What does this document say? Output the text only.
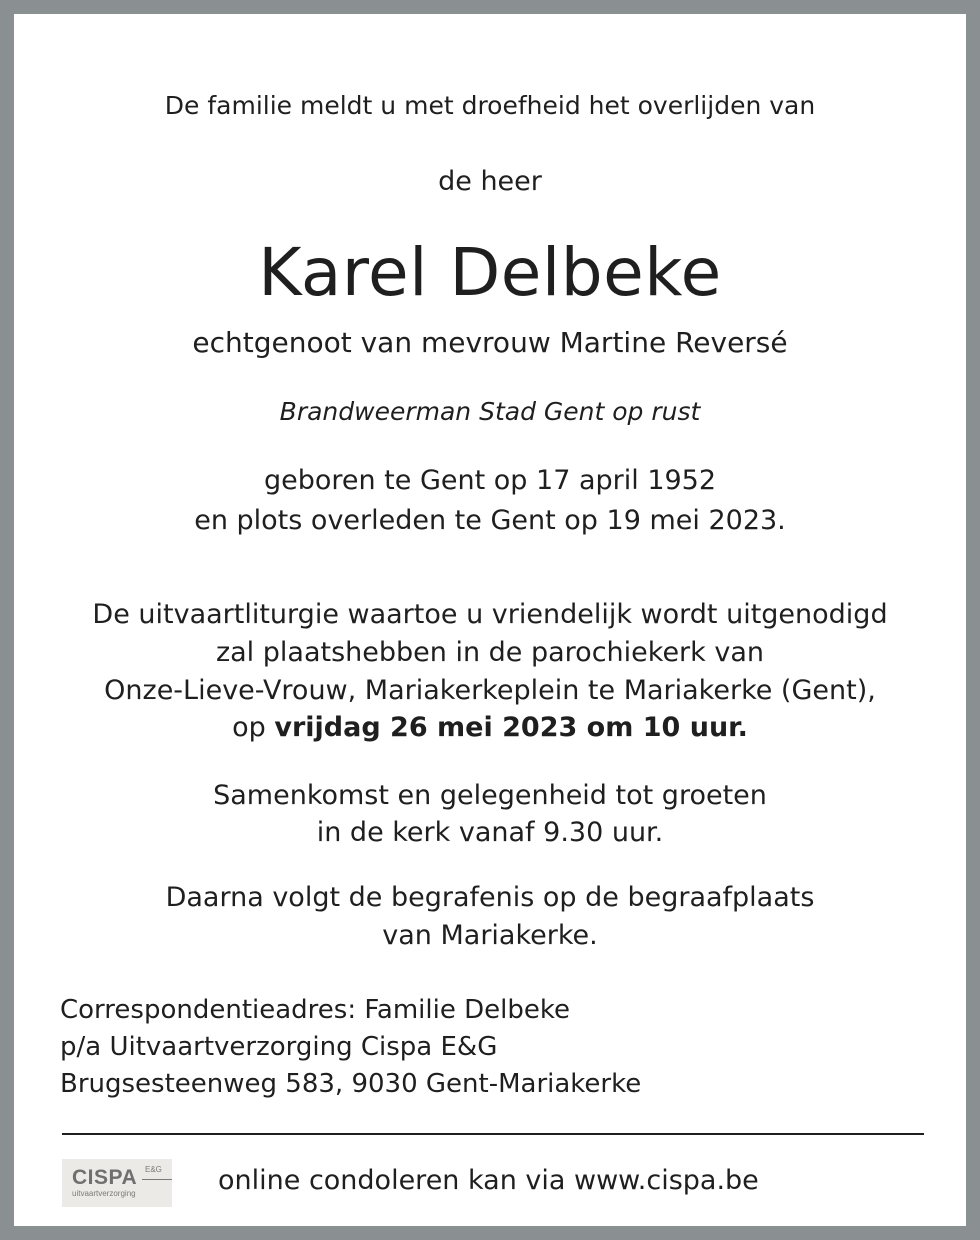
De familie meldt u met droefheid het overlijden van
de heer
Karel Delbeke
echtgenoot van mevrouw Martine Reversé
Brandweerman Stad Gent op rust
geboren te Gent op 17 april 1952
en plots overleden te Gent op 19 mei 2023.
De uitvaartliturgie waartoe u vriendelijk wordt uitgenodigd
zal plaatshebben in de parochiekerk van
Onze-Lieve-Vrouw, Mariakerkeplein te Mariakerke (Gent),
op vrijdag 26 mei 2023 om 10 uur.
Samenkomst en gelegenheid tot groeten
in de kerk vanaf 9.30 uur.
Daarna volgt de begrafenis op de begraafplaats
van Mariakerke.
Correspondentieadres: Familie Delbeke
p/a Uitvaartverzorging Cispa E&G
Brugsesteenweg 583, 9030 Gent-Mariakerke
CISPA E&G
uitvaartverzorging	online condoleren kan via www.cispa.be
